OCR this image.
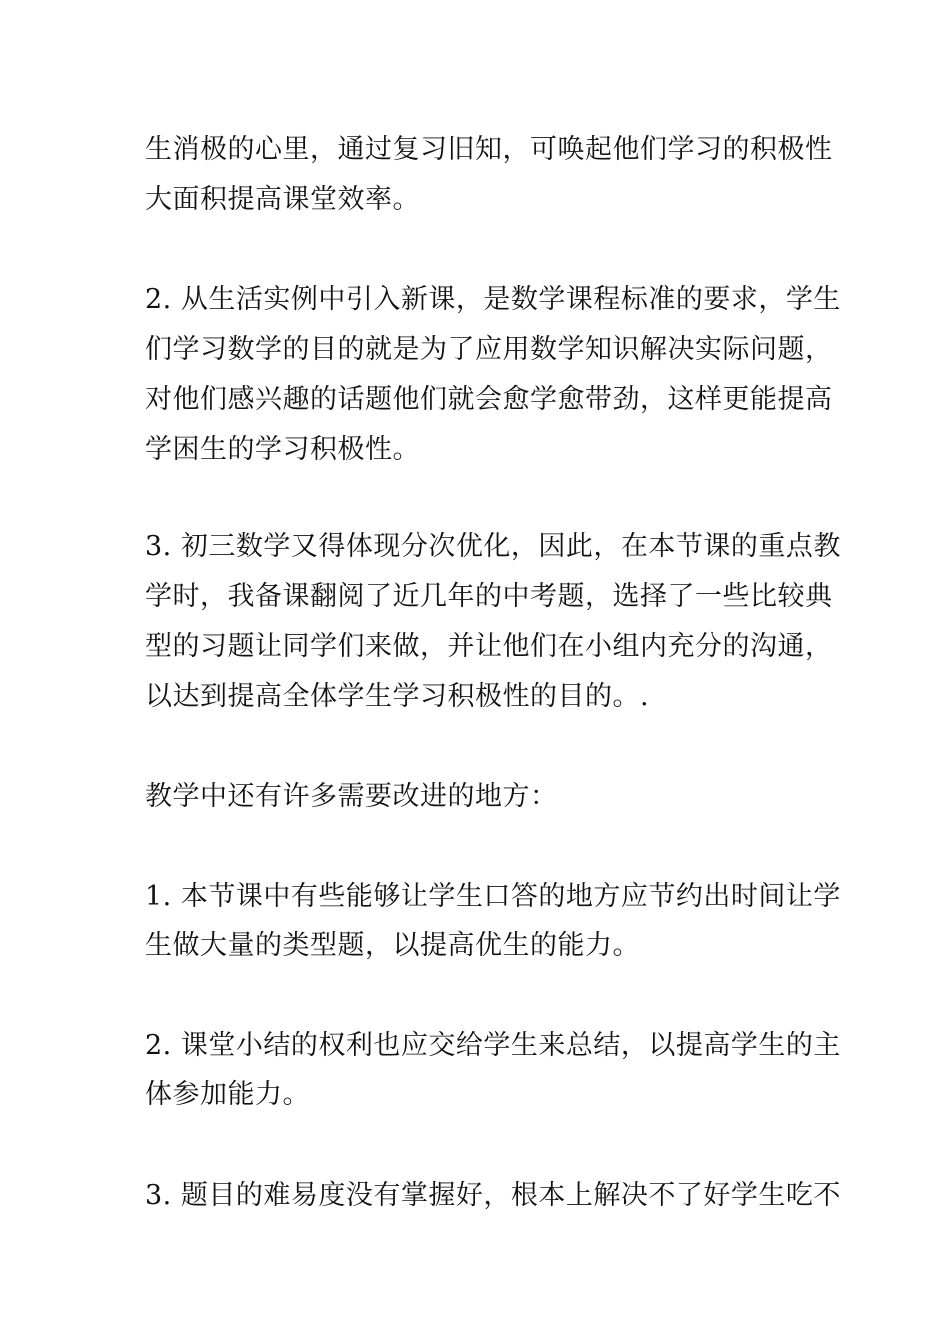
生消极的心里，通过复习旧知，可唤起他们学习的积极性
大面积提高课堂效率。
2. 从生活实例中引入新课，是数学课程标准的要求，学生
们学习数学的目的就是为了应用数学知识解决实际问题，
对他们感兴趣的话题他们就会愈学愈带劲，这样更能提高
学困生的学习积极性。
3. 初三数学又得体现分次优化，因此，在本节课的重点教
学时，我备课翻阅了近几年的中考题，选择了一些比较典
型的习题让同学们来做，并让他们在小组内充分的沟通，
以达到提高全体学生学习积极性的目的。.
教学中还有许多需要改进的地方：
1. 本节课中有些能够让学生口答的地方应节约出时间让学
生做大量的类型题，以提高优生的能力。
2. 课堂小结的权利也应交给学生来总结，以提高学生的主
体参加能力。
3. 题目的难易度没有掌握好，根本上解决不了好学生吃不
